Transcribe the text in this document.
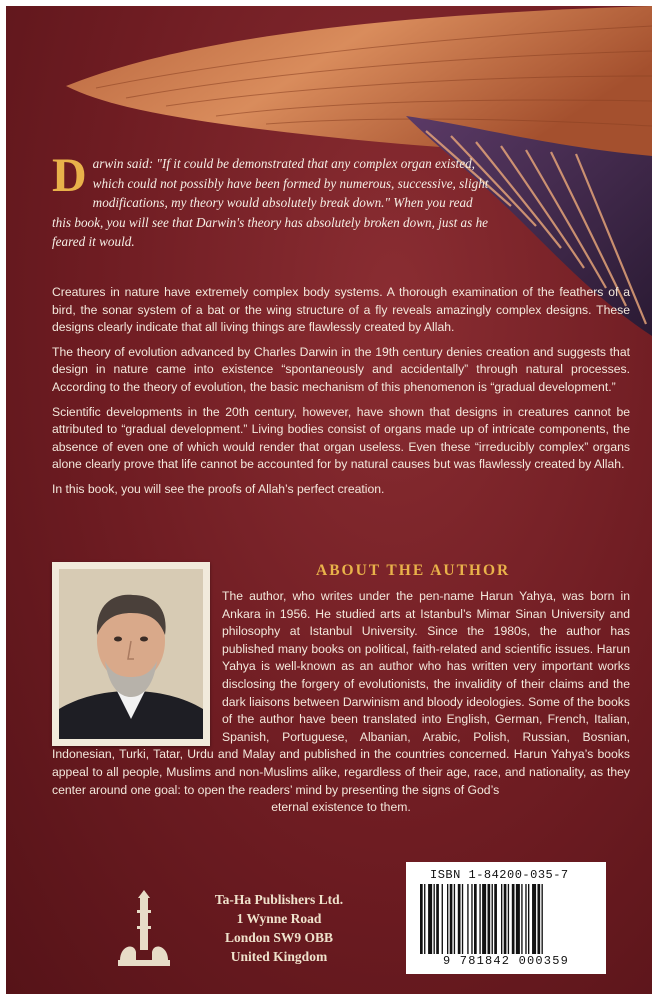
Darwin said: "If it could be demonstrated that any complex organ existed, which could not possibly have been formed by numerous, successive, slight modifications, my theory would absolutely break down." When you read this book, you will see that Darwin's theory has absolutely broken down, just as he feared it would.

Creatures in nature have extremely complex body systems. A thorough examination of the feathers of a bird, the sonar system of a bat or the wing structure of a fly reveals amazingly complex designs. These designs clearly indicate that all living things are flawlessly created by Allah.

The theory of evolution advanced by Charles Darwin in the 19th century denies creation and suggests that design in nature came into existence “spontaneously and accidentally” through natural processes. According to the theory of evolution, the basic mechanism of this phenomenon is “gradual development.”

Scientific developments in the 20th century, however, have shown that designs in creatures cannot be attributed to “gradual development.” Living bodies consist of organs made up of intricate components, the absence of even one of which would render that organ useless. Even these “irreducibly complex” organs alone clearly prove that life cannot be accounted for by natural causes but was flawlessly created by Allah.

In this book, you will see the proofs of Allah’s perfect creation.

ABOUT THE AUTHOR
The author, who writes under the pen-name Harun Yahya, was born in Ankara in 1956. He studied arts at Istanbul’s Mimar Sinan University and philosophy at Istanbul University. Since the 1980s, the author has published many books on political, faith-related and scientific issues. Harun Yahya is well-known as an author who has written very important works disclosing the forgery of evolutionists, the invalidity of their claims and the dark liaisons between Darwinism and bloody ideologies. Some of the books of the author have been translated into English, German, French, Italian, Spanish, Portuguese, Albanian, Arabic, Polish, Russian, Bosnian, Indonesian, Turki, Tatar, Urdu and Malay and published in the countries concerned. Harun Yahya’s books appeal to all people, Muslims and non-Muslims alike, regardless of their age, race, and nationality, as they center around one goal: to open the readers’ mind by presenting the signs of God’s
eternal existence to them.
Ta-Ha Publishers Ltd.
1 Wynne Road
London SW9 OBB
United Kingdom
ISBN 1-84200-035-7
9 781842 000359
